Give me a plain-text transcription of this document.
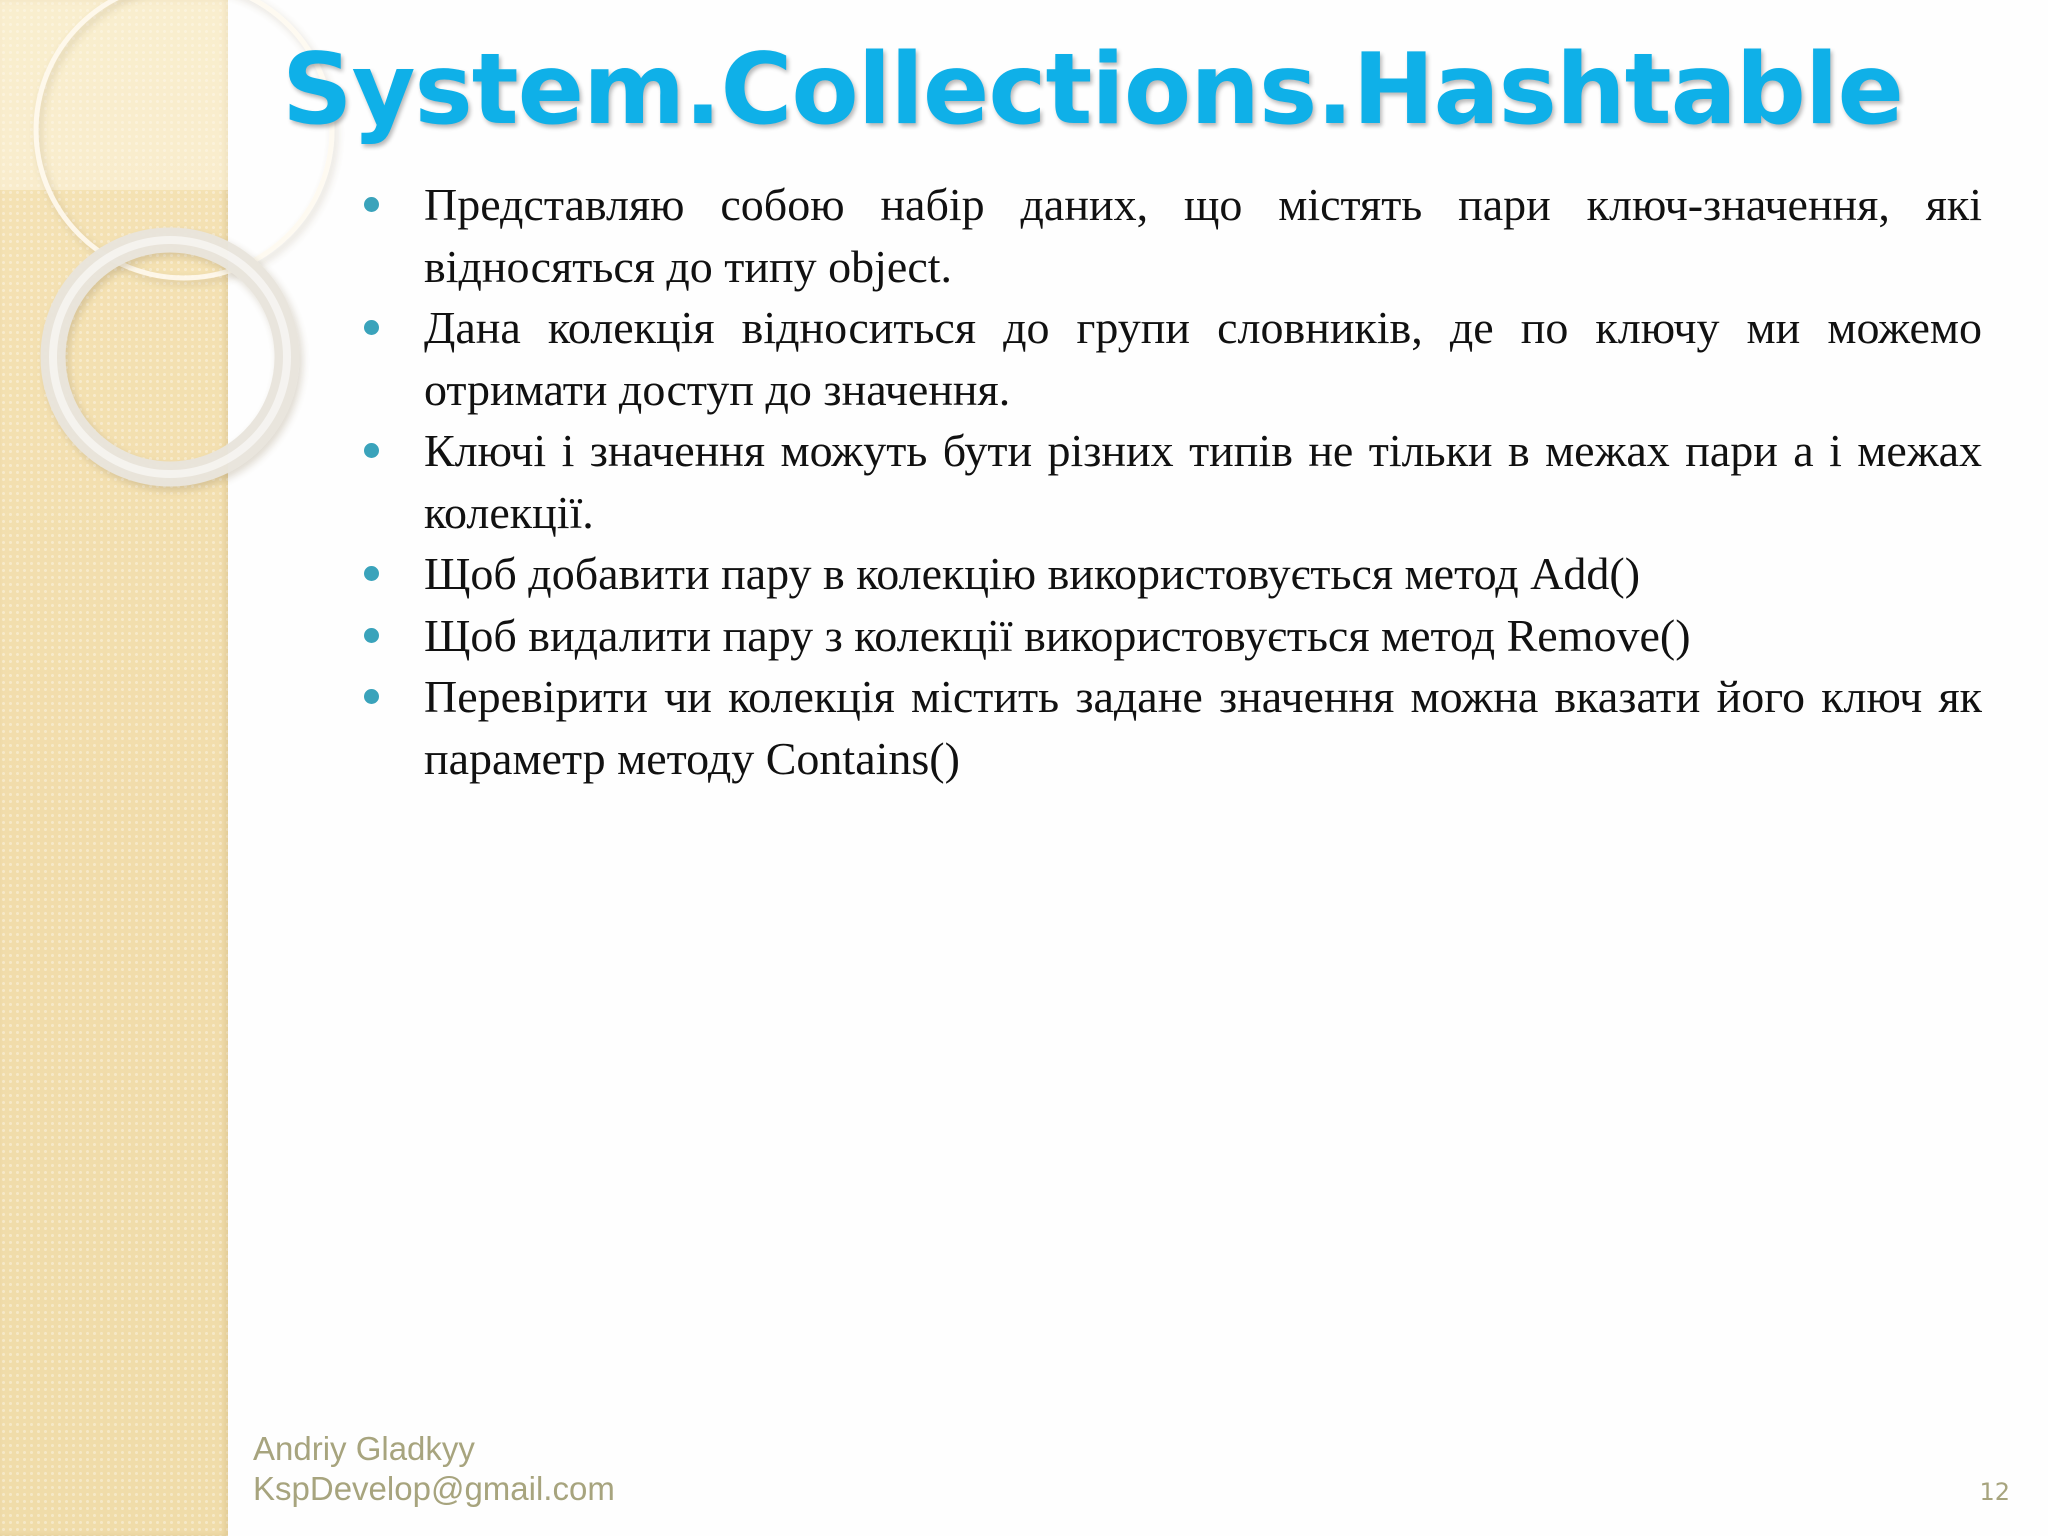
System.Collections.Hashtable
Представляю собою набір даних, що містять пари ключ-значення, які відносяться до типу object.
Дана колекція відноситься до групи словників, де по ключу ми можемо отримати доступ до значення.
Ключі і значення можуть бути різних типів не тільки в межах пари а і межах колекції.
Щоб добавити пару в колекцію використовується метод Add()
Щоб видалити пару з колекції використовується метод Remove()
Перевірити чи колекція містить задане значення можна вказати його ключ як параметр методу Contains()

Andriy Gladkyy

KspDevelop@gmail.com	12
